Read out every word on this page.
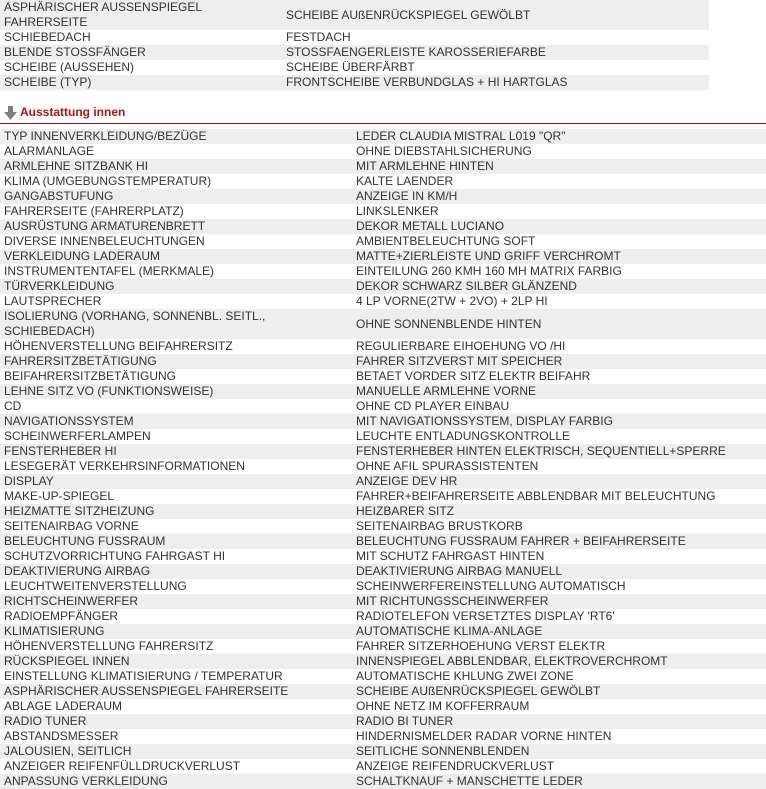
ASPHÄRISCHER AUSSENSPIEGEL FAHRERSEITE	SCHEIBE AUßENRÜCKSPIEGEL GEWÖLBT
SCHIEBEDACH	FESTDACH
BLENDE STOSSFÄNGER	STOSSFAENGERLEISTE KAROSSERIEFARBE
SCHEIBE (AUSSEHEN)	SCHEIBE ÜBERFÄRBT
SCHEIBE (TYP)	FRONTSCHEIBE VERBUNDGLAS + HI HARTGLAS
Ausstattung innen
TYP INNENVERKLEIDUNG/BEZÜGE	LEDER CLAUDIA MISTRAL L019 "QR"
ALARMANLAGE	OHNE DIEBSTAHLSICHERUNG
ARMLEHNE SITZBANK HI	MIT ARMLEHNE HINTEN
KLIMA (UMGEBUNGSTEMPERATUR)	KALTE LAENDER
GANGABSTUFUNG	ANZEIGE IN KM/H
FAHRERSEITE (FAHRERPLATZ)	LINKSLENKER
AUSRÜSTUNG ARMATURENBRETT	DEKOR METALL LUCIANO
DIVERSE INNENBELEUCHTUNGEN	AMBIENTBELEUCHTUNG SOFT
VERKLEIDUNG LADERAUM	MATTE+ZIERLEISTE UND GRIFF VERCHROMT
INSTRUMENTENTAFEL (MERKMALE)	EINTEILUNG 260 KMH 160 MH MATRIX FARBIG
TÜRVERKLEIDUNG	DEKOR SCHWARZ SILBER GLÄNZEND
LAUTSPRECHER	4 LP VORNE(2TW + 2VO) + 2LP HI
ISOLIERUNG (VORHANG, SONNENBL. SEITL., SCHIEBEDACH)	OHNE SONNENBLENDE HINTEN
HÖHENVERSTELLUNG BEIFAHRERSITZ	REGULIERBARE EIHOEHUNG VO /HI
FAHRERSITZBETÄTIGUNG	FAHRER SITZVERST MIT SPEICHER
BEIFAHRERSITZBETÄTIGUNG	BETAET VORDER SITZ ELEKTR BEIFAHR
LEHNE SITZ VO (FUNKTIONSWEISE)	MANUELLE ARMLEHNE VORNE
CD	OHNE CD PLAYER EINBAU
NAVIGATIONSSYSTEM	MIT NAVIGATIONSSYSTEM, DISPLAY FARBIG
SCHEINWERFERLAMPEN	LEUCHTE ENTLADUNGSKONTROLLE
FENSTERHEBER HI	FENSTERHEBER HINTEN ELEKTRISCH, SEQUENTIELL+SPERRE
LESEGERÄT VERKEHRSINFORMATIONEN	OHNE AFIL SPURASSISTENTEN
DISPLAY	ANZEIGE DEV HR
MAKE-UP-SPIEGEL	FAHRER+BEIFAHRERSEITE ABBLENDBAR MIT BELEUCHTUNG
HEIZMATTE SITZHEIZUNG	HEIZBARER SITZ
SEITENAIRBAG VORNE	SEITENAIRBAG BRUSTKORB
BELEUCHTUNG FUSSRAUM	BELEUCHTUNG FUSSRAUM FAHRER + BEIFAHRERSEITE
SCHUTZVORRICHTUNG FAHRGAST HI	MIT SCHUTZ FAHRGAST HINTEN
DEAKTIVIERUNG AIRBAG	DEAKTIVIERUNG AIRBAG MANUELL
LEUCHTWEITENVERSTELLUNG	SCHEINWERFEREINSTELLUNG AUTOMATISCH
RICHTSCHEINWERFER	MIT RICHTUNGSSCHEINWERFER
RADIOEMPFÄNGER	RADIOTELEFON VERSETZTES DISPLAY 'RT6'
KLIMATISIERUNG	AUTOMATISCHE KLIMA-ANLAGE
HÖHENVERSTELLUNG FAHRERSITZ	FAHRER SITZERHOEHUNG VERST ELEKTR
RÜCKSPIEGEL INNEN	INNENSPIEGEL ABBLENDBAR, ELEKTROVERCHROMT
EINSTELLUNG KLIMATISIERUNG / TEMPERATUR	AUTOMATISCHE KHLUNG ZWEI ZONE
ASPHÄRISCHER AUSSENSPIEGEL FAHRERSEITE	SCHEIBE AUßENRÜCKSPIEGEL GEWÖLBT
ABLAGE LADERAUM	OHNE NETZ IM KOFFERRAUM
RADIO TUNER	RADIO BI TUNER
ABSTANDSMESSER	HINDERNISMELDER RADAR VORNE HINTEN
JALOUSIEN, SEITLICH	SEITLICHE SONNENBLENDEN
ANZEIGER REIFENFÜLLDRUCKVERLUST	ANZEIGE REIFENDRUCKVERLUST
ANPASSUNG VERKLEIDUNG	SCHALTKNAUF + MANSCHETTE LEDER
